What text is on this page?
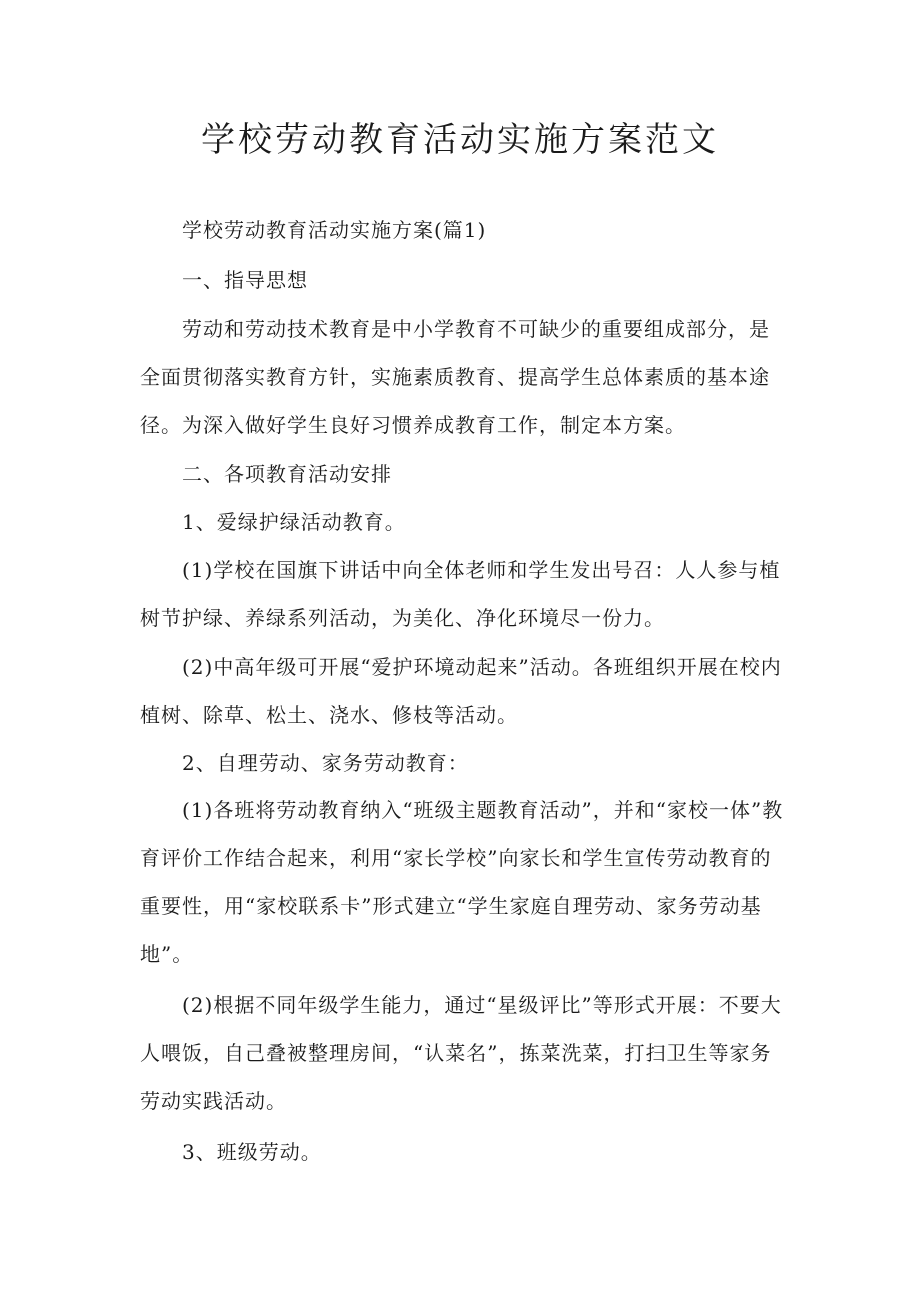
学校劳动教育活动实施方案范文

学校劳动教育活动实施方案(篇1)

一、指导思想

劳动和劳动技术教育是中小学教育不可缺少的重要组成部分，是全面贯彻落实教育方针，实施素质教育、提高学生总体素质的基本途径。为深入做好学生良好习惯养成教育工作，制定本方案。

二、各项教育活动安排

1、爱绿护绿活动教育。

(1)学校在国旗下讲话中向全体老师和学生发出号召：人人参与植树节护绿、养绿系列活动，为美化、净化环境尽一份力。

(2)中高年级可开展“爱护环境动起来”活动。各班组织开展在校内植树、除草、松土、浇水、修枝等活动。

2、自理劳动、家务劳动教育：

(1)各班将劳动教育纳入“班级主题教育活动”，并和“家校一体”教育评价工作结合起来，利用“家长学校”向家长和学生宣传劳动教育的重要性，用“家校联系卡”形式建立“学生家庭自理劳动、家务劳动基地”。

(2)根据不同年级学生能力，通过“星级评比”等形式开展：不要大人喂饭，自己叠被整理房间，“认菜名”，拣菜洗菜，打扫卫生等家务劳动实践活动。

3、班级劳动。
